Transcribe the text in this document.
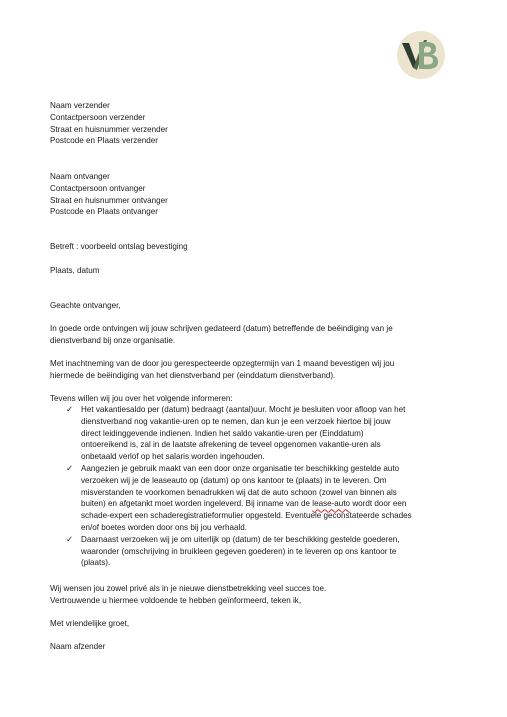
Naam verzender
Contactpersoon verzender
Straat en huisnummer verzender
Postcode en Plaats verzender
Naam ontvanger
Contactpersoon ontvanger
Straat en huisnummer ontvanger
Postcode en Plaats ontvanger
Betreft : voorbeeld ontslag bevestiging
Plaats, datum
Geachte ontvanger,
In goede orde ontvingen wij jouw schrijven gedateerd (datum) betreffende de beëindiging van je
dienstverband bij onze organisatie.
Met inachtneming van de door jou gerespecteerde opzegtermijn van 1 maand bevestigen wij jou
hiermede de beëindiging van het dienstverband per (einddatum dienstverband).
Tevens willen wij jou over het volgende informeren:
✓ Het vakantiesaldo per (datum) bedraagt (aantal)uur. Mocht je besluiten voor afloop van het
dienstverband nog vakantie-uren op te nemen, dan kun je een verzoek hiertoe bij jouw
direct leidinggevende indienen. Indien het saldo vakantie-uren per (Einddatum)
ontoereikend is, zal in de laatste afrekening de teveel opgenomen vakantie-uren als
onbetaald verlof op het salaris worden ingehouden.
✓ Aangezien je gebruik maakt van een door onze organisatie ter beschikking gestelde auto
verzoeken wij je de leaseauto op (datum) op ons kantoor te (plaats) in te leveren. Om
misverstanden te voorkomen benadrukken wij dat de auto schoon (zowel van binnen als
buiten) en afgetankt moet worden ingeleverd. Bij inname van de lease-auto wordt door een
schade-expert een schaderegistratieformulier opgesteld. Eventuele geconstateerde schades
en/of boetes worden door ons bij jou verhaald.
✓ Daarnaast verzoeken wij je om uiterlijk op (datum) de ter beschikking gestelde goederen,
waaronder (omschrijving in bruikleen gegeven goederen) in te leveren op ons kantoor te
(plaats).
Wij wensen jou zowel privé als in je nieuwe dienstbetrekking veel succes toe.
Vertrouwende u hiermee voldoende te hebben geïnformeerd, teken ik,
Met vriendelijke groet,
Naam afzender
